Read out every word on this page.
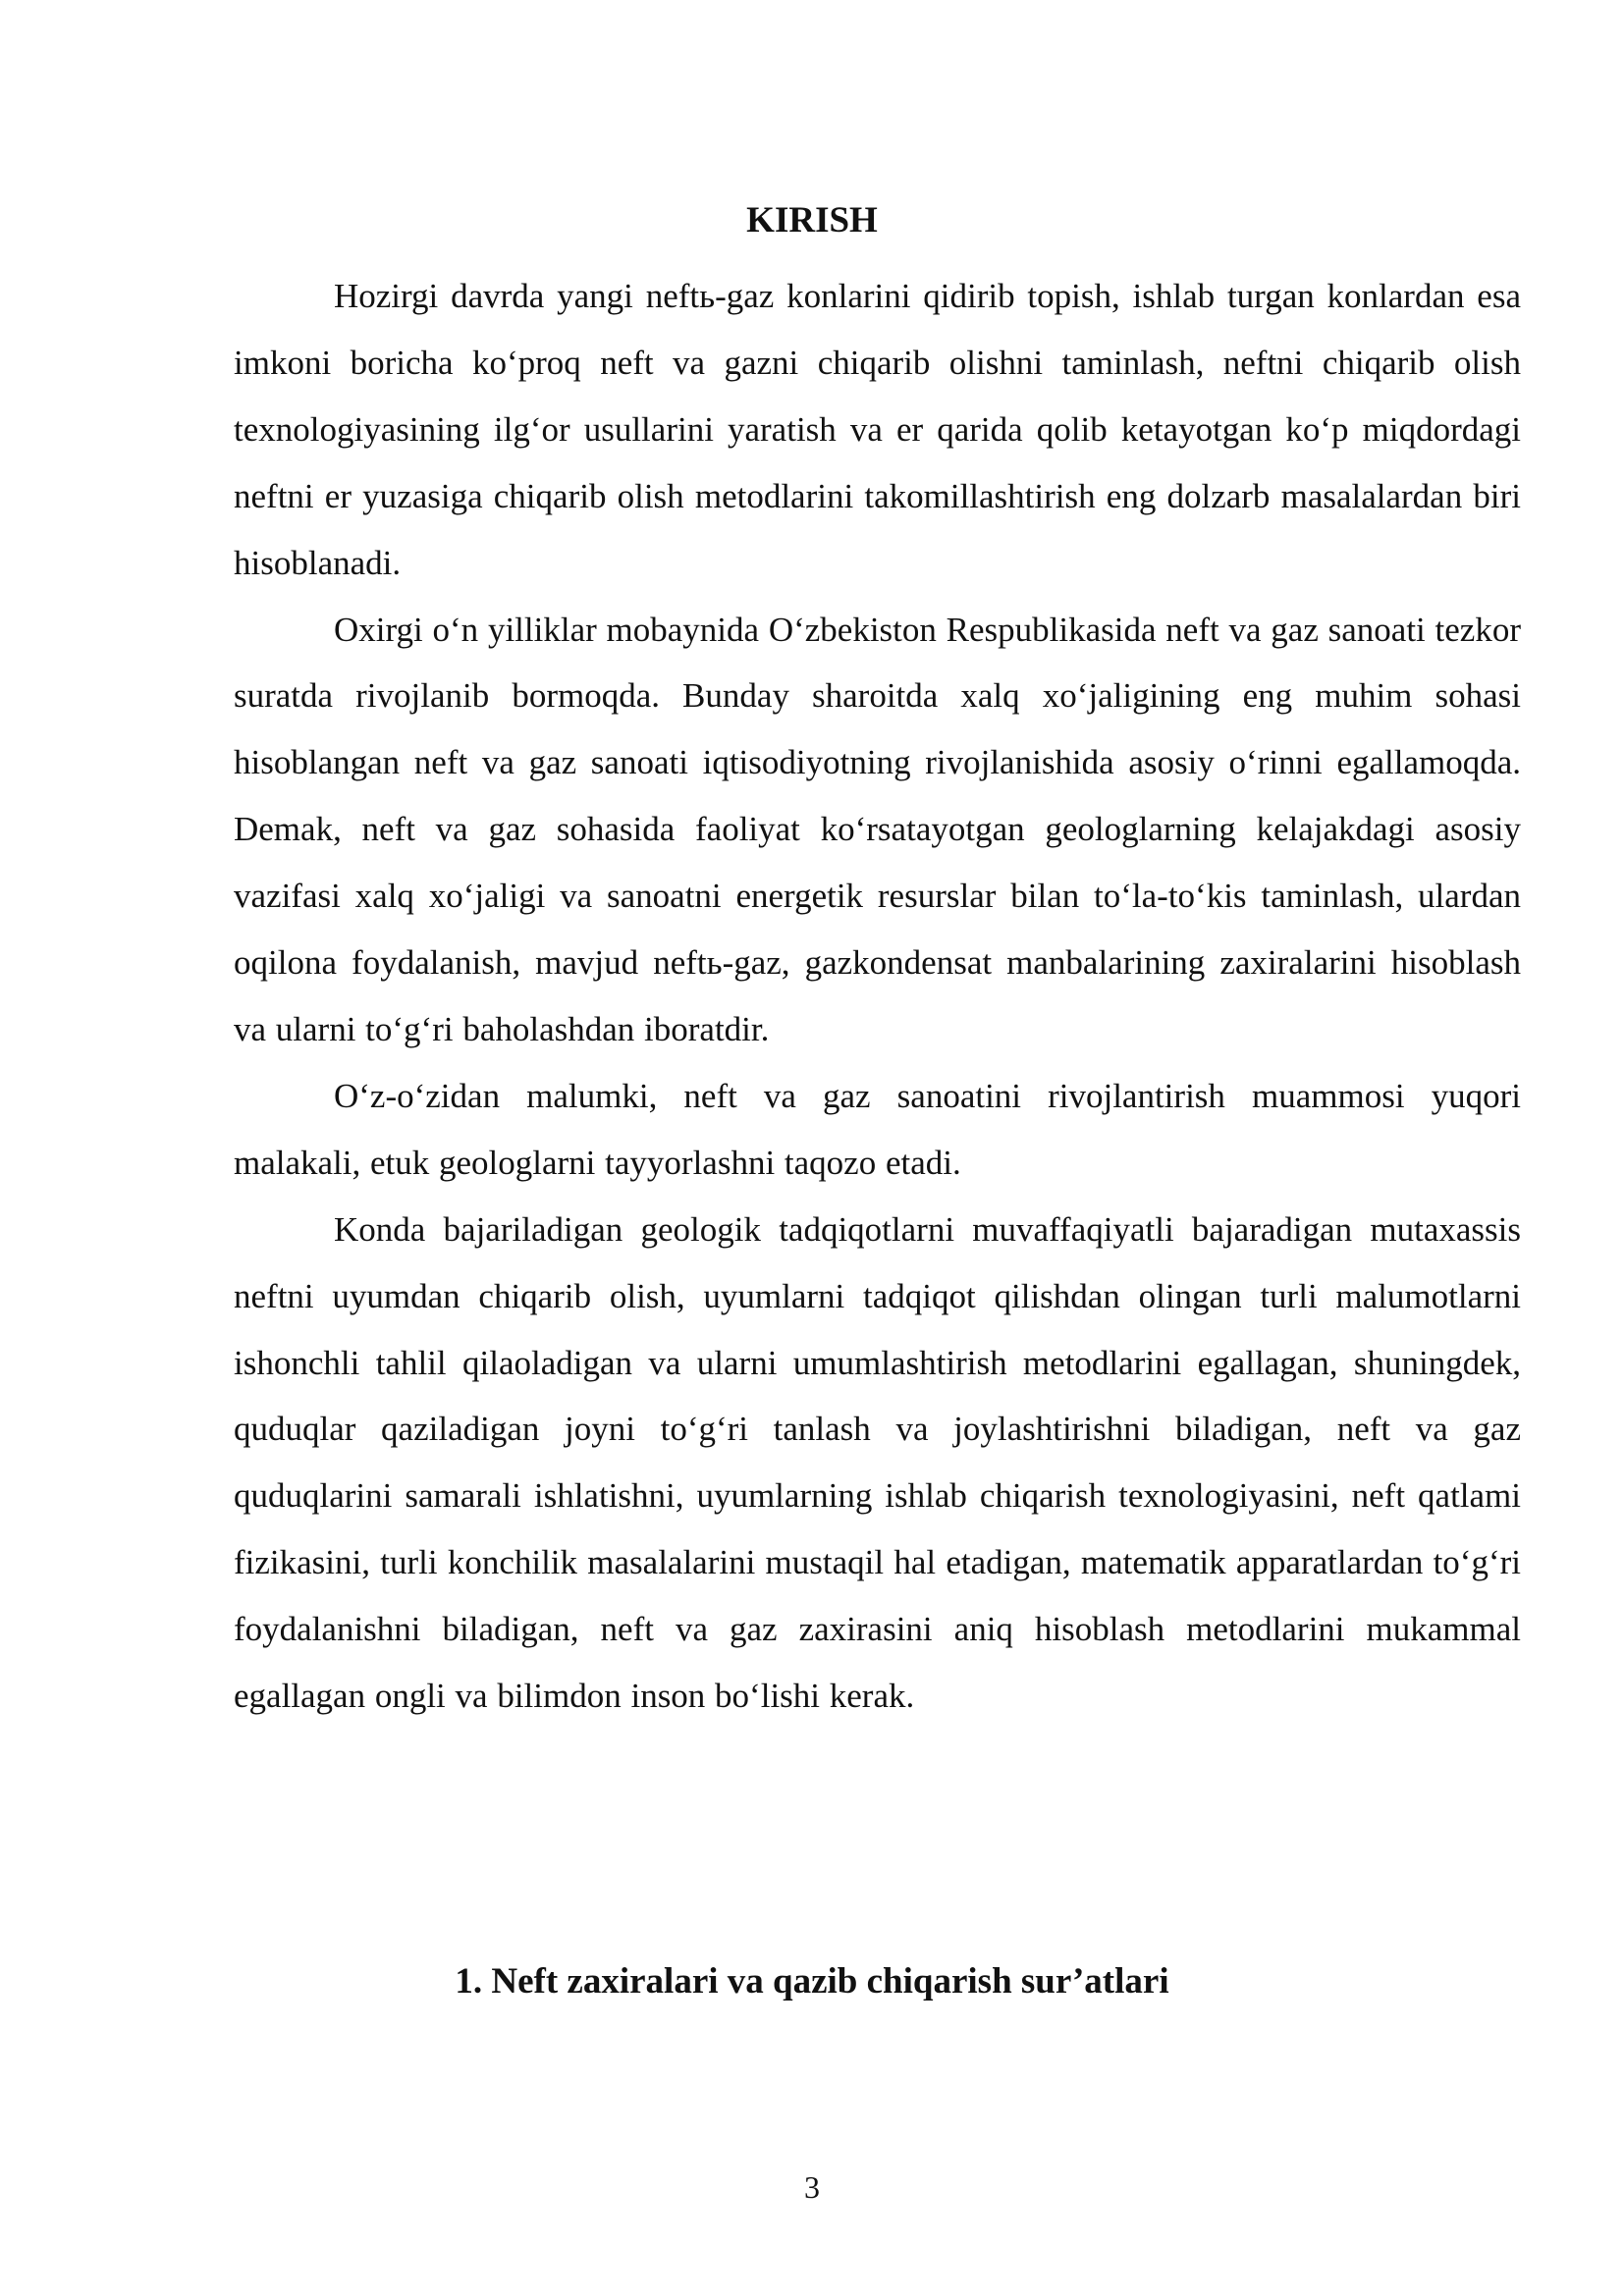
KIRISH

Hozirgi davrda yangi neftь-gaz konlarini qidirib topish, ishlab turgan konlardan esa imkoni boricha koʻproq neft va gazni chiqarib olishni taminlash, neftni chiqarib olish texnologiyasining ilgʻor usullarini yaratish va er qarida qolib ketayotgan koʻp miqdordagi neftni er yuzasiga chiqarib olish metodlarini takomillashtirish eng dolzarb masalalardan biri hisoblanadi.

Oxirgi oʻn yilliklar mobaynida Oʻzbekiston Respublikasida neft va gaz sanoati tezkor suratda rivojlanib bormoqda. Bunday sharoitda xalq xoʻjaligining eng muhim sohasi hisoblangan neft va gaz sanoati iqtisodiyotning rivojlanishida asosiy oʻrinni egallamoqda. Demak, neft va gaz sohasida faoliyat koʻrsatayotgan geologlarning kelajakdagi asosiy vazifasi xalq xoʻjaligi va sanoatni energetik resurslar bilan toʻla-toʻkis taminlash, ulardan oqilona foydalanish, mavjud neftь-gaz, gazkondensat manbalarining zaxiralarini hisoblash va ularni toʻgʻri baholashdan iboratdir.

Oʻz-oʻzidan malumki, neft va gaz sanoatini rivojlantirish muammosi yuqori malakali, etuk geologlarni tayyorlashni taqozo etadi.

Konda bajariladigan geologik tadqiqotlarni muvaffaqiyatli bajaradigan mutaxassis neftni uyumdan chiqarib olish, uyumlarni tadqiqot qilishdan olingan turli malumotlarni ishonchli tahlil qilaoladigan va ularni umumlashtirish metodlarini egallagan, shuningdek, quduqlar qaziladigan joyni toʻgʻri tanlash va joylashtirishni biladigan, neft va gaz quduqlarini samarali ishlatishni, uyumlarning ishlab chiqarish texnologiyasini, neft qatlami fizikasini, turli konchilik masalalarini mustaqil hal etadigan, matematik apparatlardan toʻgʻri foydalanishni biladigan, neft va gaz zaxirasini aniq hisoblash metodlarini mukammal egallagan ongli va bilimdon inson boʻlishi kerak.

1. Neft zaxiralari va qazib chiqarish sur’atlari
3
